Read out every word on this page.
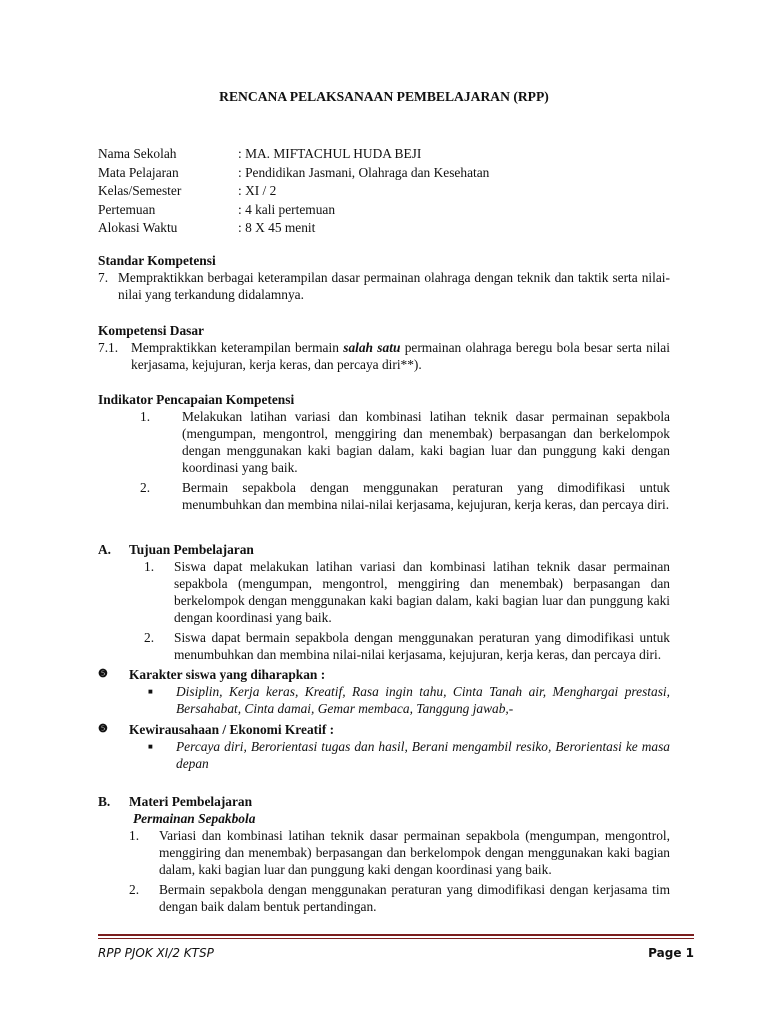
RENCANA PELAKSANAAN PEMBELAJARAN (RPP)
Nama Sekolah	: MA. MIFTACHUL HUDA BEJI
Mata Pelajaran	: Pendidikan Jasmani, Olahraga dan Kesehatan
Kelas/Semester	: XI / 2
Pertemuan	: 4 kali pertemuan
Alokasi Waktu	: 8 X 45 menit
Standar Kompetensi
7. Mempraktikkan berbagai keterampilan dasar permainan olahraga dengan teknik dan taktik serta nilai-nilai yang terkandung didalamnya.
Kompetensi Dasar
7.1. Mempraktikkan keterampilan bermain salah satu permainan olahraga beregu bola besar serta nilai kerjasama, kejujuran, kerja keras, dan percaya diri**).
Indikator Pencapaian Kompetensi
1.	Melakukan latihan variasi dan kombinasi latihan teknik dasar permainan sepakbola (mengumpan, mengontrol, menggiring dan menembak) berpasangan dan berkelompok dengan menggunakan kaki bagian dalam, kaki bagian luar dan punggung kaki dengan koordinasi yang baik.
2.	Bermain sepakbola dengan menggunakan peraturan yang dimodifikasi untuk menumbuhkan dan membina nilai-nilai kerjasama, kejujuran, kerja keras, dan percaya diri.
A.	Tujuan Pembelajaran
1.	Siswa dapat melakukan latihan variasi dan kombinasi latihan teknik dasar permainan sepakbola (mengumpan, mengontrol, menggiring dan menembak) berpasangan dan berkelompok dengan menggunakan kaki bagian dalam, kaki bagian luar dan punggung kaki dengan koordinasi yang baik.
2.	Siswa dapat bermain sepakbola dengan menggunakan peraturan yang dimodifikasi untuk menumbuhkan dan membina nilai-nilai kerjasama, kejujuran, kerja keras, dan percaya diri.
❺	Karakter siswa yang diharapkan :
■	Disiplin, Kerja keras, Kreatif, Rasa ingin tahu, Cinta Tanah air, Menghargai prestasi, Bersahabat, Cinta damai, Gemar membaca, Tanggung jawab,-
❺	Kewirausahaan / Ekonomi Kreatif :
■	Percaya diri, Berorientasi tugas dan hasil, Berani mengambil resiko, Berorientasi ke masa depan
B.	Materi Pembelajaran
Permainan Sepakbola
1.	Variasi dan kombinasi latihan teknik dasar permainan sepakbola (mengumpan, mengontrol, menggiring dan menembak) berpasangan dan berkelompok dengan menggunakan kaki bagian dalam, kaki bagian luar dan punggung kaki dengan koordinasi yang baik.
2.	Bermain sepakbola dengan menggunakan peraturan yang dimodifikasi dengan kerjasama tim dengan baik dalam bentuk pertandingan.
RPP PJOK XI/2 KTSP	Page 1
